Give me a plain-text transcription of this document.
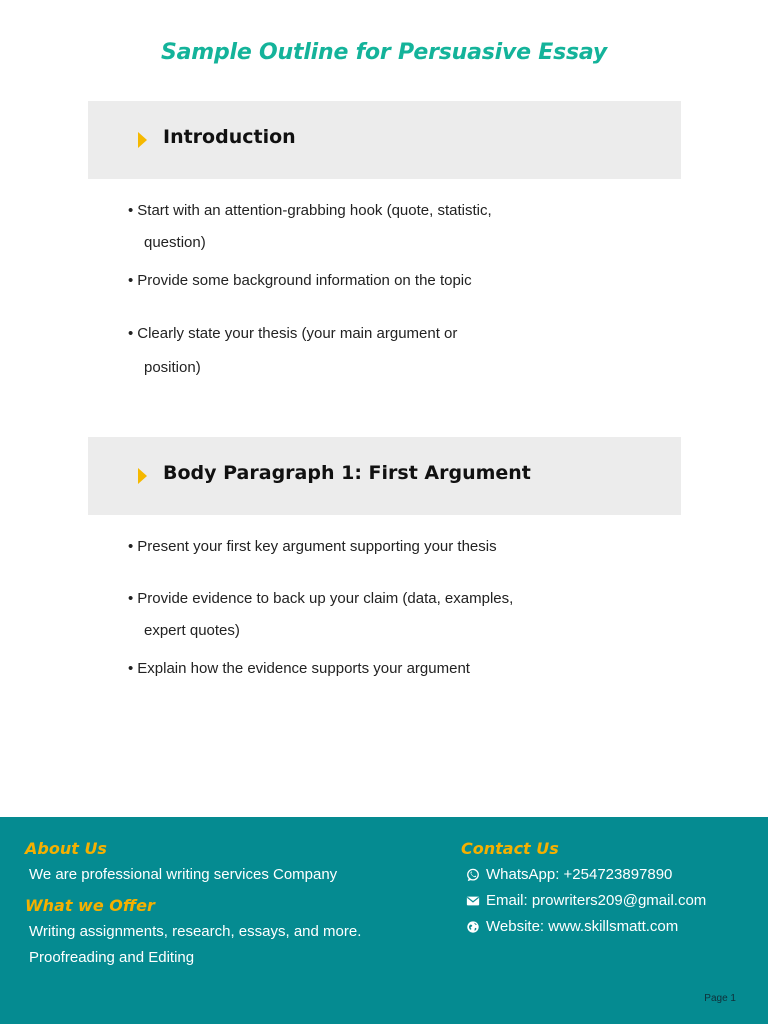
Sample Outline for Persuasive Essay
Introduction
• Start with an attention-grabbing hook (quote, statistic,
question)
• Provide some background information on the topic
• Clearly state your thesis (your main argument or
position)
Body Paragraph 1: First Argument
• Present your first key argument supporting your thesis
• Provide evidence to back up your claim (data, examples,
expert quotes)
• Explain how the evidence supports your argument
About Us
We are professional writing services Company
What we Offer
Writing assignments, research, essays, and more.
Proofreading and Editing
Contact Us
WhatsApp: +254723897890
Email: prowriters209@gmail.com
Website: www.skillsmatt.com
Page 1
